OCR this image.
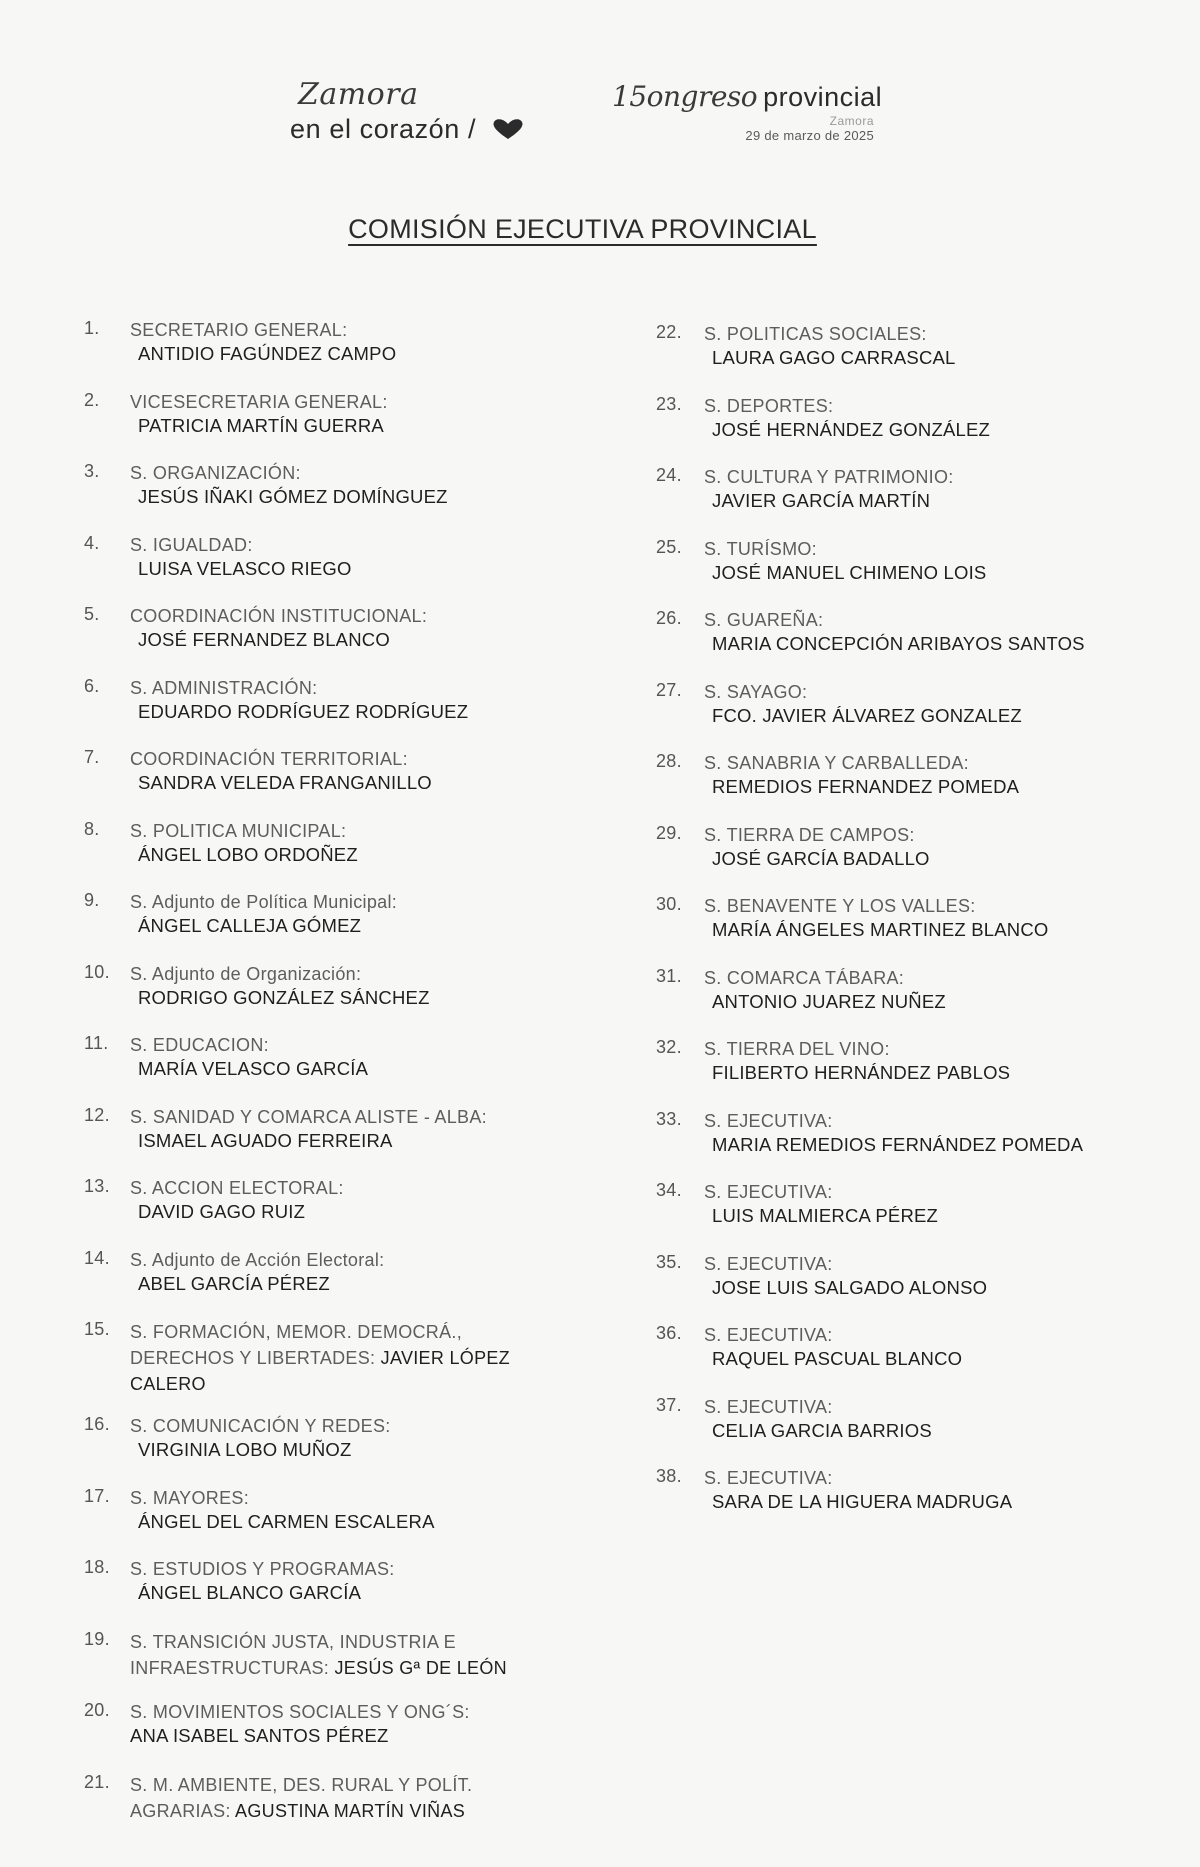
Zamora
en el corazón /
15ongreso provincial
Zamora
29 de marzo de 2025
COMISIÓN EJECUTIVA PROVINCIAL
1.	SECRETARIO GENERAL:
ANTIDIO FAGÚNDEZ CAMPO
2.	VICESECRETARIA GENERAL:
PATRICIA MARTÍN GUERRA
3.	S. ORGANIZACIÓN:
JESÚS IÑAKI GÓMEZ DOMÍNGUEZ
4.	S. IGUALDAD:
LUISA VELASCO RIEGO
5.	COORDINACIÓN INSTITUCIONAL:
JOSÉ FERNANDEZ BLANCO
6.	S. ADMINISTRACIÓN:
EDUARDO RODRÍGUEZ RODRÍGUEZ
7.	COORDINACIÓN TERRITORIAL:
SANDRA VELEDA FRANGANILLO
8.	S. POLITICA MUNICIPAL:
ÁNGEL LOBO ORDOÑEZ
9.	S. Adjunto de Política Municipal:
ÁNGEL CALLEJA GÓMEZ
10.	S. Adjunto de Organización:
RODRIGO GONZÁLEZ SÁNCHEZ
11.	S. EDUCACION:
MARÍA VELASCO GARCÍA
12.	S. SANIDAD Y COMARCA ALISTE - ALBA:
ISMAEL AGUADO FERREIRA
13.	S. ACCION ELECTORAL:
DAVID GAGO RUIZ
14.	S. Adjunto de Acción Electoral:
ABEL GARCÍA PÉREZ
15.	S. FORMACIÓN, MEMOR. DEMOCRÁ.,
DERECHOS Y LIBERTADES: JAVIER LÓPEZ
CALERO
16.	S. COMUNICACIÓN Y REDES:
VIRGINIA LOBO MUÑOZ
17.	S. MAYORES:
ÁNGEL DEL CARMEN ESCALERA
18.	S. ESTUDIOS Y PROGRAMAS:
ÁNGEL BLANCO GARCÍA
19.	S. TRANSICIÓN JUSTA, INDUSTRIA E
INFRAESTRUCTURAS: JESÚS Gª DE LEÓN
20.	S. MOVIMIENTOS SOCIALES Y ONG´S:
ANA ISABEL SANTOS PÉREZ
21.	S. M. AMBIENTE, DES. RURAL Y POLÍT.
AGRARIAS: AGUSTINA MARTÍN VIÑAS
22.	S. POLITICAS SOCIALES:
LAURA GAGO CARRASCAL
23.	S. DEPORTES:
JOSÉ HERNÁNDEZ GONZÁLEZ
24.	S. CULTURA Y PATRIMONIO:
JAVIER GARCÍA MARTÍN
25.	S. TURÍSMO:
JOSÉ MANUEL CHIMENO LOIS
26.	S. GUAREÑA:
MARIA CONCEPCIÓN ARIBAYOS SANTOS
27.	S. SAYAGO:
FCO. JAVIER ÁLVAREZ GONZALEZ
28.	S. SANABRIA Y CARBALLEDA:
REMEDIOS FERNANDEZ POMEDA
29.	S. TIERRA DE CAMPOS:
JOSÉ GARCÍA BADALLO
30.	S. BENAVENTE Y LOS VALLES:
MARÍA ÁNGELES MARTINEZ BLANCO
31.	S. COMARCA TÁBARA:
ANTONIO JUAREZ NUÑEZ
32.	S. TIERRA DEL VINO:
FILIBERTO HERNÁNDEZ PABLOS
33.	S. EJECUTIVA:
MARIA REMEDIOS FERNÁNDEZ POMEDA
34.	S. EJECUTIVA:
LUIS MALMIERCA PÉREZ
35.	S. EJECUTIVA:
JOSE LUIS SALGADO ALONSO
36.	S. EJECUTIVA:
RAQUEL PASCUAL BLANCO
37.	S. EJECUTIVA:
CELIA GARCIA BARRIOS
38.	S. EJECUTIVA:
SARA DE LA HIGUERA MADRUGA
